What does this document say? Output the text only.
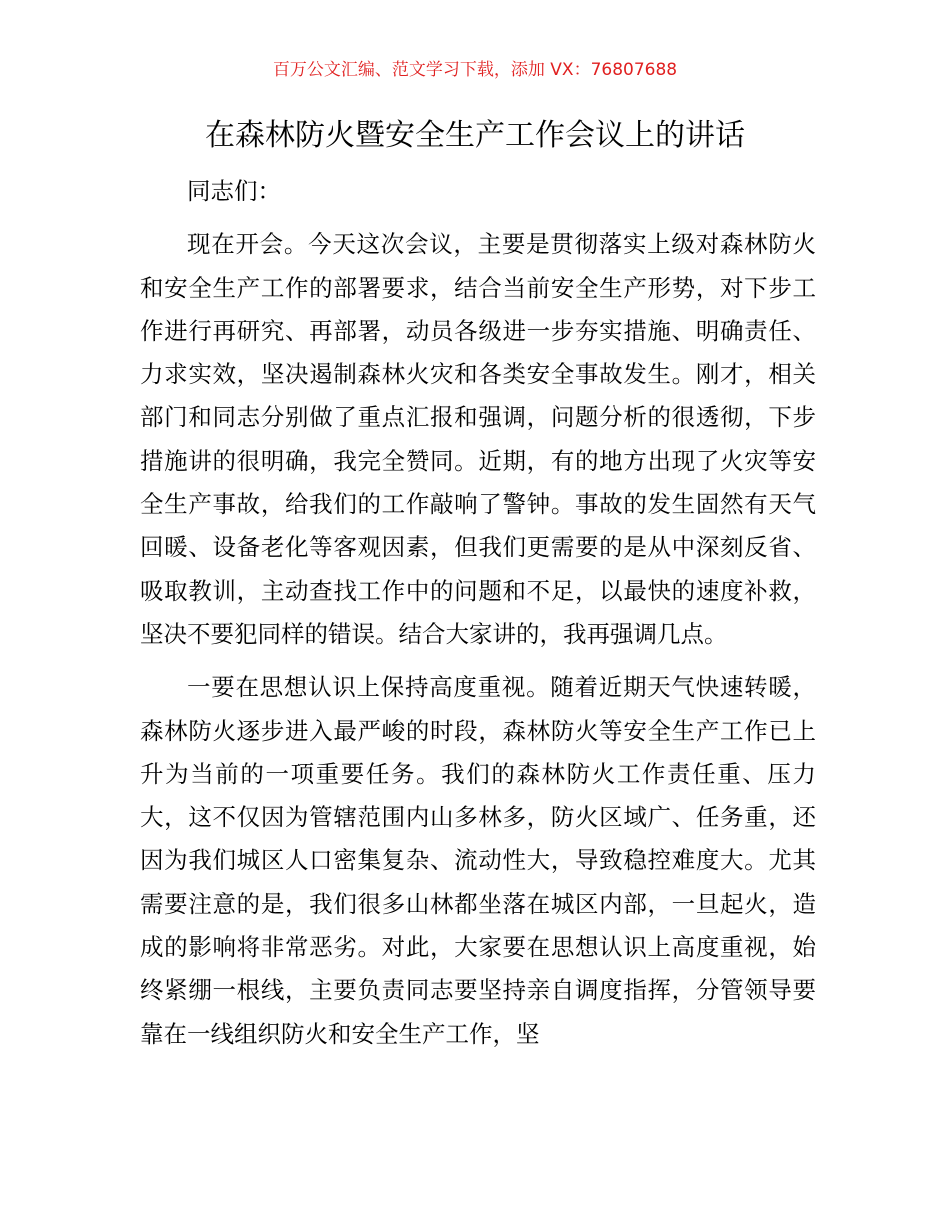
百万公文汇编、范文学习下载，添加 VX：76807688
在森林防火暨安全生产工作会议上的讲话

同志们：

现在开会。今天这次会议，主要是贯彻落实上级对森林防火和安全生产工作的部署要求，结合当前安全生产形势，对下步工作进行再研究、再部署，动员各级进一步夯实措施、明确责任、力求实效，坚决遏制森林火灾和各类安全事故发生。刚才，相关部门和同志分别做了重点汇报和强调，问题分析的很透彻，下步措施讲的很明确，我完全赞同。近期，有的地方出现了火灾等安全生产事故，给我们的工作敲响了警钟。事故的发生固然有天气回暖、设备老化等客观因素，但我们更需要的是从中深刻反省、吸取教训，主动查找工作中的问题和不足，以最快的速度补救，坚决不要犯同样的错误。结合大家讲的，我再强调几点。

一要在思想认识上保持高度重视。随着近期天气快速转暖，森林防火逐步进入最严峻的时段，森林防火等安全生产工作已上升为当前的一项重要任务。我们的森林防火工作责任重、压力大，这不仅因为管辖范围内山多林多，防火区域广、任务重，还因为我们城区人口密集复杂、流动性大，导致稳控难度大。尤其需要注意的是，我们很多山林都坐落在城区内部，一旦起火，造成的影响将非常恶劣。对此，大家要在思想认识上高度重视，始终紧绷一根线，主要负责同志要坚持亲自调度指挥，分管领导要靠在一线组织防火和安全生产工作，坚
